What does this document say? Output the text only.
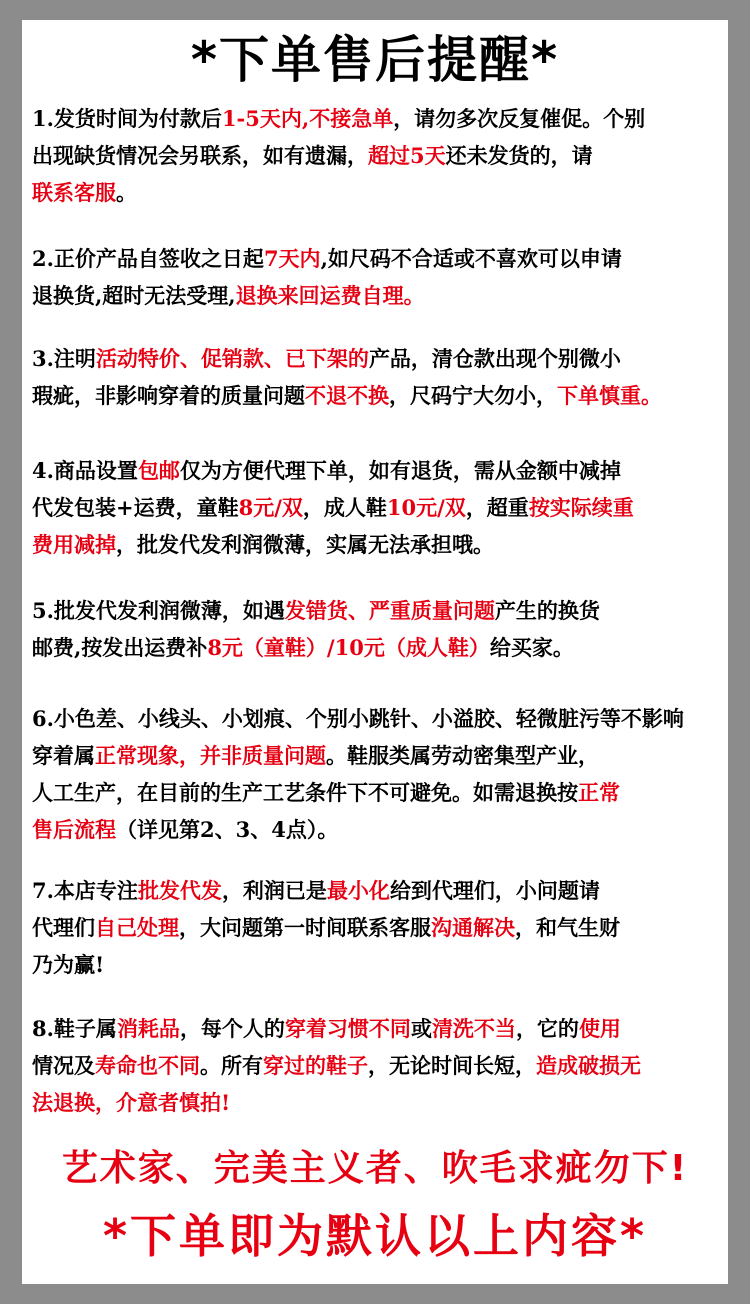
*下单售后提醒*
1.发货时间为付款后1-5天内,不接急单，请勿多次反复催促。个别
出现缺货情况会另联系，如有遗漏，超过5天还未发货的，请
联系客服。
2.正价产品自签收之日起7天内,如尺码不合适或不喜欢可以申请
退换货,超时无法受理,退换来回运费自理。
3.注明活动特价、促销款、已下架的产品，清仓款出现个别微小
瑕疵，非影响穿着的质量问题不退不换，尺码宁大勿小，下单慎重。
4.商品设置包邮仅为方便代理下单，如有退货，需从金额中减掉
代发包装+运费，童鞋8元/双，成人鞋10元/双，超重按实际续重
费用减掉，批发代发利润微薄，实属无法承担哦。
5.批发代发利润微薄，如遇发错货、严重质量问题产生的换货
邮费,按发出运费补8元（童鞋）/10元（成人鞋）给买家。
6.小色差、小线头、小划痕、个别小跳针、小溢胶、轻微脏污等不影响
穿着属正常现象，并非质量问题。鞋服类属劳动密集型产业，
人工生产，在目前的生产工艺条件下不可避免。如需退换按正常
售后流程（详见第2、3、4点）。
7.本店专注批发代发，利润已是最小化给到代理们，小问题请
代理们自己处理，大问题第一时间联系客服沟通解决，和气生财
乃为赢!
8.鞋子属消耗品，每个人的穿着习惯不同或清洗不当，它的使用
情况及寿命也不同。所有穿过的鞋子，无论时间长短，造成破损无
法退换，介意者慎拍!
艺术家、完美主义者、吹毛求疵勿下!
*下单即为默认以上内容*
